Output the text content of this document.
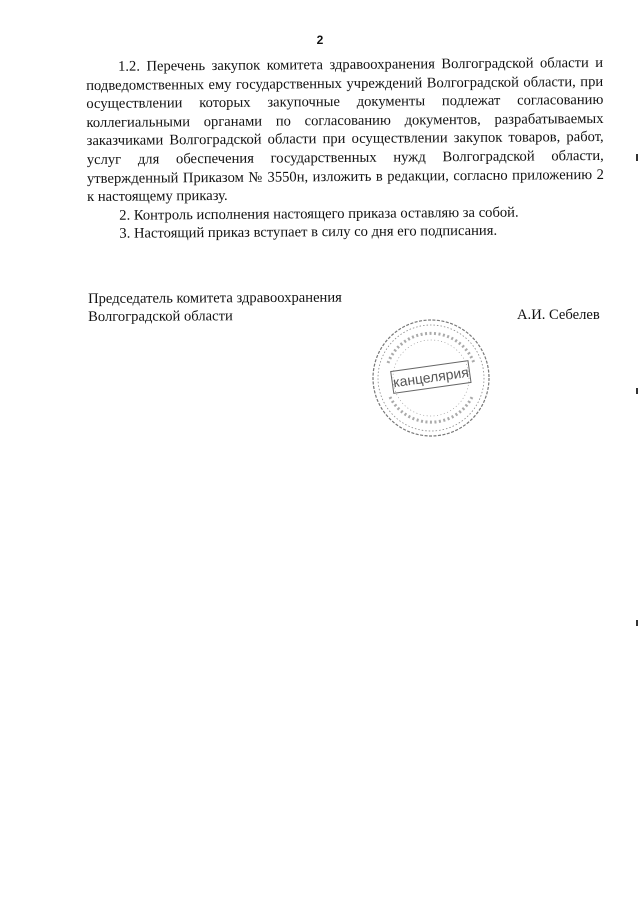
2

1.2. Перечень закупок комитета здравоохранения Волгоградской области и подведомственных ему государственных учреждений Волгоградской области, при осуществлении которых закупочные документы подлежат согласованию коллегиальными органами по согласованию документов, разрабатываемых заказчиками Волгоградской области при осуществлении закупок товаров, работ, услуг для обеспечения государственных нужд Волгоградской области, утвержденный Приказом № 3550н, изложить в редакции, согласно приложению 2 к настоящему приказу.

2. Контроль исполнения настоящего приказа оставляю за собой.

3. Настоящий приказ вступает в силу со дня его подписания.

Председатель комитета здравоохранения
Волгоградской области	А.И. Себелев
канцелярия
